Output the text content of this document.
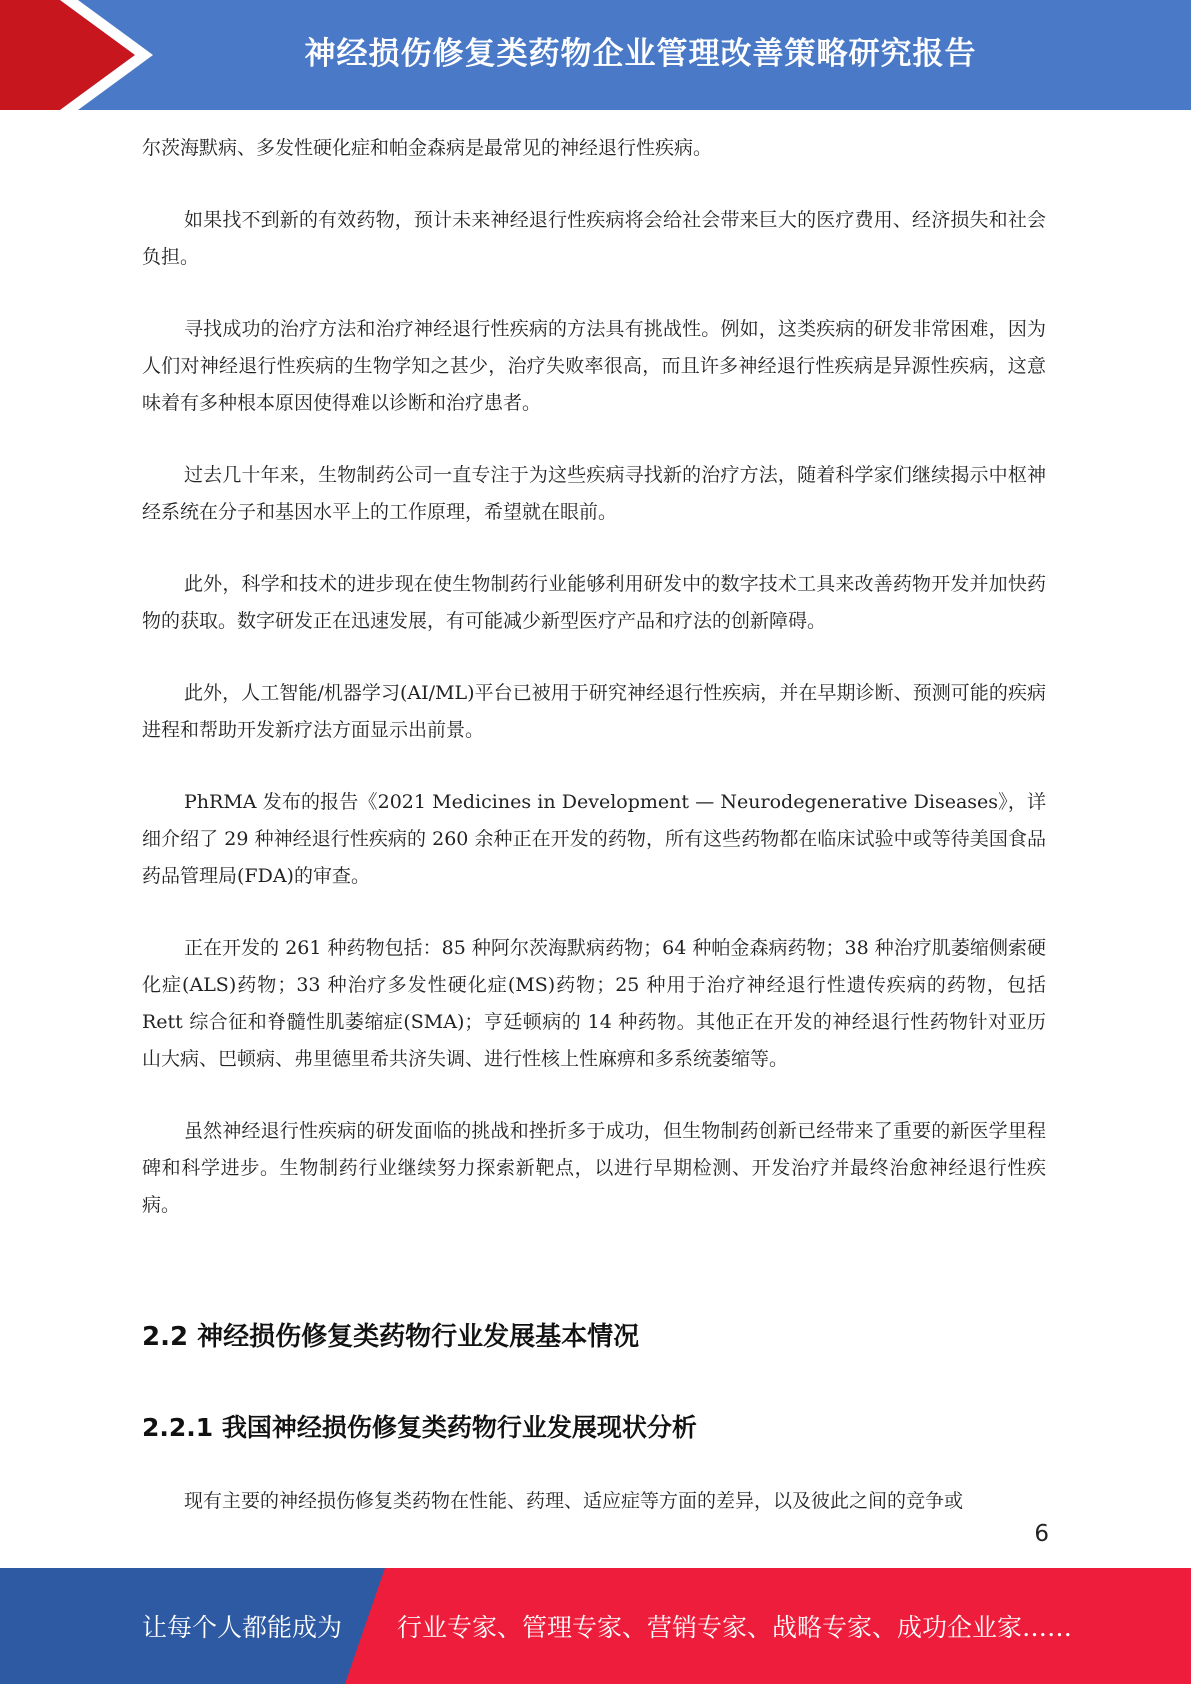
神经损伤修复类药物企业管理改善策略研究报告

尔茨海默病、多发性硬化症和帕金森病是最常见的神经退行性疾病。

如果找不到新的有效药物，预计未来神经退行性疾病将会给社会带来巨大的医疗费用、经济损失和社会负担。

寻找成功的治疗方法和治疗神经退行性疾病的方法具有挑战性。例如，这类疾病的研发非常困难，因为人们对神经退行性疾病的生物学知之甚少，治疗失败率很高，而且许多神经退行性疾病是异源性疾病，这意味着有多种根本原因使得难以诊断和治疗患者。

过去几十年来，生物制药公司一直专注于为这些疾病寻找新的治疗方法，随着科学家们继续揭示中枢神经系统在分子和基因水平上的工作原理，希望就在眼前。

此外，科学和技术的进步现在使生物制药行业能够利用研发中的数字技术工具来改善药物开发并加快药物的获取。数字研发正在迅速发展，有可能减少新型医疗产品和疗法的创新障碍。

此外，人工智能/机器学习(AI/ML)平台已被用于研究神经退行性疾病，并在早期诊断、预测可能的疾病进程和帮助开发新疗法方面显示出前景。

PhRMA 发布的报告《2021 Medicines in Development — Neurodegenerative Diseases》，详细介绍了 29 种神经退行性疾病的 260 余种正在开发的药物，所有这些药物都在临床试验中或等待美国食品药品管理局(FDA)的审查。

正在开发的 261 种药物包括：85 种阿尔茨海默病药物；64 种帕金森病药物；38 种治疗肌萎缩侧索硬化症(ALS)药物；33 种治疗多发性硬化症(MS)药物；25 种用于治疗神经退行性遗传疾病的药物，包括 Rett 综合征和脊髓性肌萎缩症(SMA)；亨廷顿病的 14 种药物。其他正在开发的神经退行性药物针对亚历山大病、巴顿病、弗里德里希共济失调、进行性核上性麻痹和多系统萎缩等。

虽然神经退行性疾病的研发面临的挑战和挫折多于成功，但生物制药创新已经带来了重要的新医学里程碑和科学进步。生物制药行业继续努力探索新靶点，以进行早期检测、开发治疗并最终治愈神经退行性疾病。

2.2 神经损伤修复类药物行业发展基本情况
2.2.1 我国神经损伤修复类药物行业发展现状分析

现有主要的神经损伤修复类药物在性能、药理、适应症等方面的差异，以及彼此之间的竞争或

6
让每个人都能成为 行业专家、管理专家、营销专家、战略专家、成功企业家……
